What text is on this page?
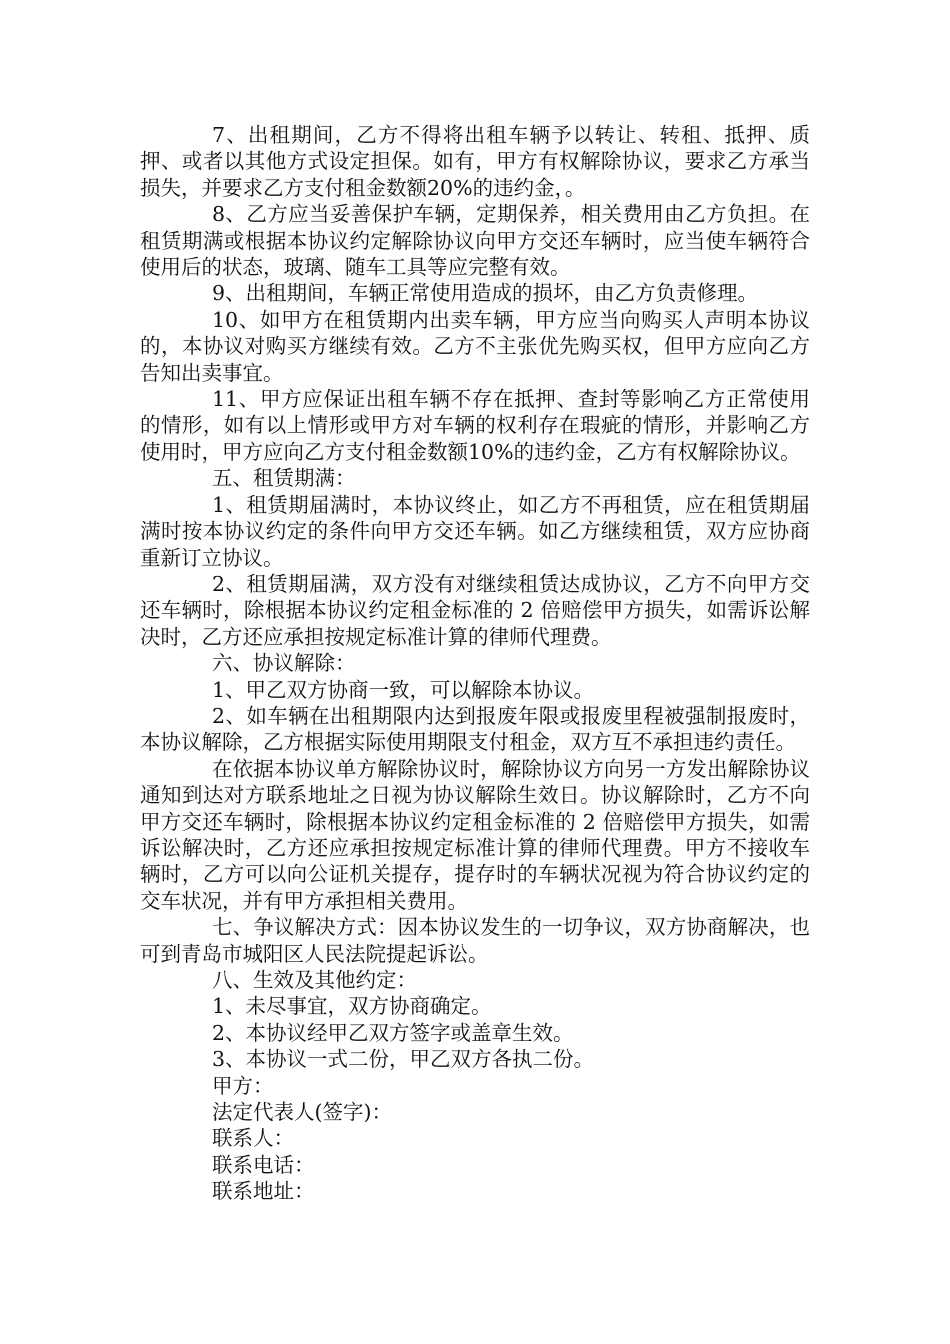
7、出租期间，乙方不得将出租车辆予以转让、转租、抵押、质押、或者以其他方式设定担保。如有，甲方有权解除协议，要求乙方承当损失，并要求乙方支付租金数额20%的违约金，。

8、乙方应当妥善保护车辆，定期保养，相关费用由乙方负担。在租赁期满或根据本协议约定解除协议向甲方交还车辆时，应当使车辆符合使用后的状态，玻璃、随车工具等应完整有效。

9、出租期间，车辆正常使用造成的损坏，由乙方负责修理。

10、如甲方在租赁期内出卖车辆，甲方应当向购买人声明本协议的，本协议对购买方继续有效。乙方不主张优先购买权，但甲方应向乙方告知出卖事宜。

11、甲方应保证出租车辆不存在抵押、查封等影响乙方正常使用的情形，如有以上情形或甲方对车辆的权利存在瑕疵的情形，并影响乙方使用时，甲方应向乙方支付租金数额10%的违约金，乙方有权解除协议。

五、租赁期满：

1、租赁期届满时，本协议终止，如乙方不再租赁，应在租赁期届满时按本协议约定的条件向甲方交还车辆。如乙方继续租赁，双方应协商重新订立协议。

2、租赁期届满，双方没有对继续租赁达成协议，乙方不向甲方交还车辆时，除根据本协议约定租金标准的 2 倍赔偿甲方损失，如需诉讼解决时，乙方还应承担按规定标准计算的律师代理费。

六、协议解除：

1、甲乙双方协商一致，可以解除本协议。

2、如车辆在出租期限内达到报废年限或报废里程被强制报废时，本协议解除，乙方根据实际使用期限支付租金，双方互不承担违约责任。

在依据本协议单方解除协议时，解除协议方向另一方发出解除协议通知到达对方联系地址之日视为协议解除生效日。协议解除时，乙方不向甲方交还车辆时，除根据本协议约定租金标准的 2 倍赔偿甲方损失，如需诉讼解决时，乙方还应承担按规定标准计算的律师代理费。甲方不接收车辆时，乙方可以向公证机关提存，提存时的车辆状况视为符合协议约定的交车状况，并有甲方承担相关费用。

七、争议解决方式：因本协议发生的一切争议，双方协商解决，也可到青岛市城阳区人民法院提起诉讼。

八、生效及其他约定：

1、未尽事宜，双方协商确定。

2、本协议经甲乙双方签字或盖章生效。

3、本协议一式二份，甲乙双方各执二份。

甲方：

法定代表人(签字)：

联系人：

联系电话：

联系地址：
